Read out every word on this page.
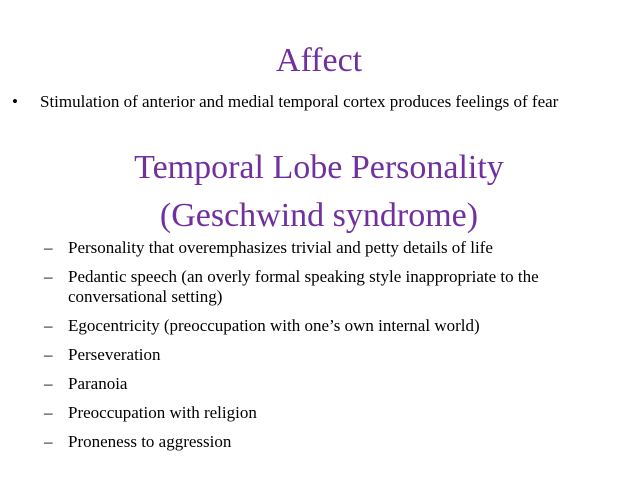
Affect
•	Stimulation of anterior and medial temporal cortex produces feelings of fear
Temporal Lobe Personality
(Geschwind syndrome)
– Personality that overemphasizes trivial and petty details of life
– Pedantic speech (an overly formal speaking style inappropriate to the conversational setting)
– Egocentricity (preoccupation with one’s own internal world)
– Perseveration
– Paranoia
– Preoccupation with religion
– Proneness to aggression
